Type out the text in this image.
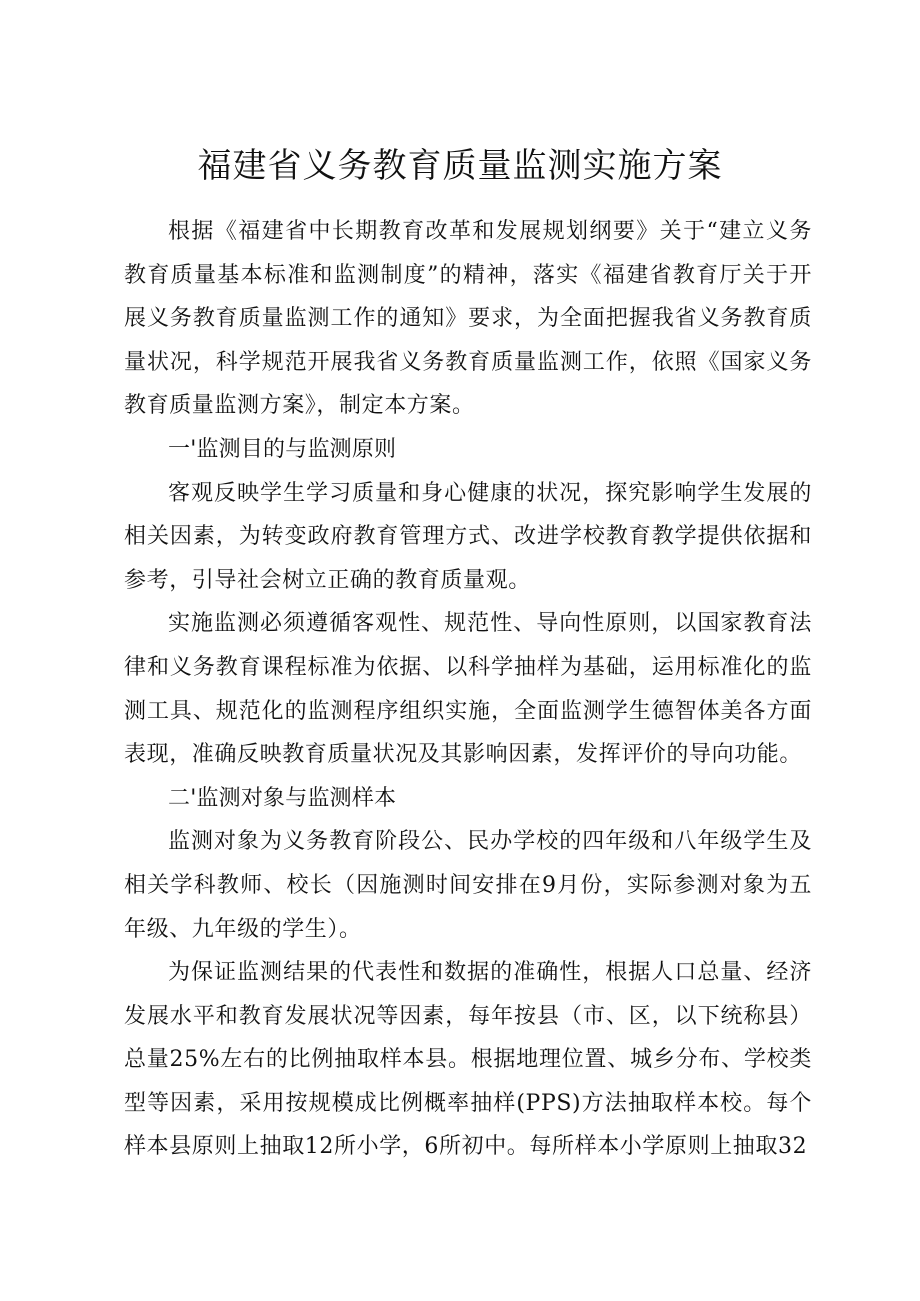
福建省义务教育质量监测实施方案

根据《福建省中长期教育改革和发展规划纲要》关于“建立义务教育质量基本标准和监测制度”的精神，落实《福建省教育厅关于开展义务教育质量监测工作的通知》要求，为全面把握我省义务教育质量状况，科学规范开展我省义务教育质量监测工作，依照《国家义务教育质量监测方案》，制定本方案。

一'监测目的与监测原则

客观反映学生学习质量和身心健康的状况，探究影响学生发展的相关因素，为转变政府教育管理方式、改进学校教育教学提供依据和参考，引导社会树立正确的教育质量观。

实施监测必须遵循客观性、规范性、导向性原则，以国家教育法律和义务教育课程标准为依据、以科学抽样为基础，运用标准化的监测工具、规范化的监测程序组织实施，全面监测学生德智体美各方面表现，准确反映教育质量状况及其影响因素，发挥评价的导向功能。

二'监测对象与监测样本

监测对象为义务教育阶段公、民办学校的四年级和八年级学生及相关学科教师、校长（因施测时间安排在9月份，实际参测对象为五年级、九年级的学生）。

为保证监测结果的代表性和数据的准确性，根据人口总量、经济发展水平和教育发展状况等因素，每年按县（市、区，以下统称县）总量25%左右的比例抽取样本县。根据地理位置、城乡分布、学校类型等因素，采用按规模成比例概率抽样(PPS)方法抽取样本校。每个样本县原则上抽取12所小学，6所初中。每所样本小学原则上抽取32
